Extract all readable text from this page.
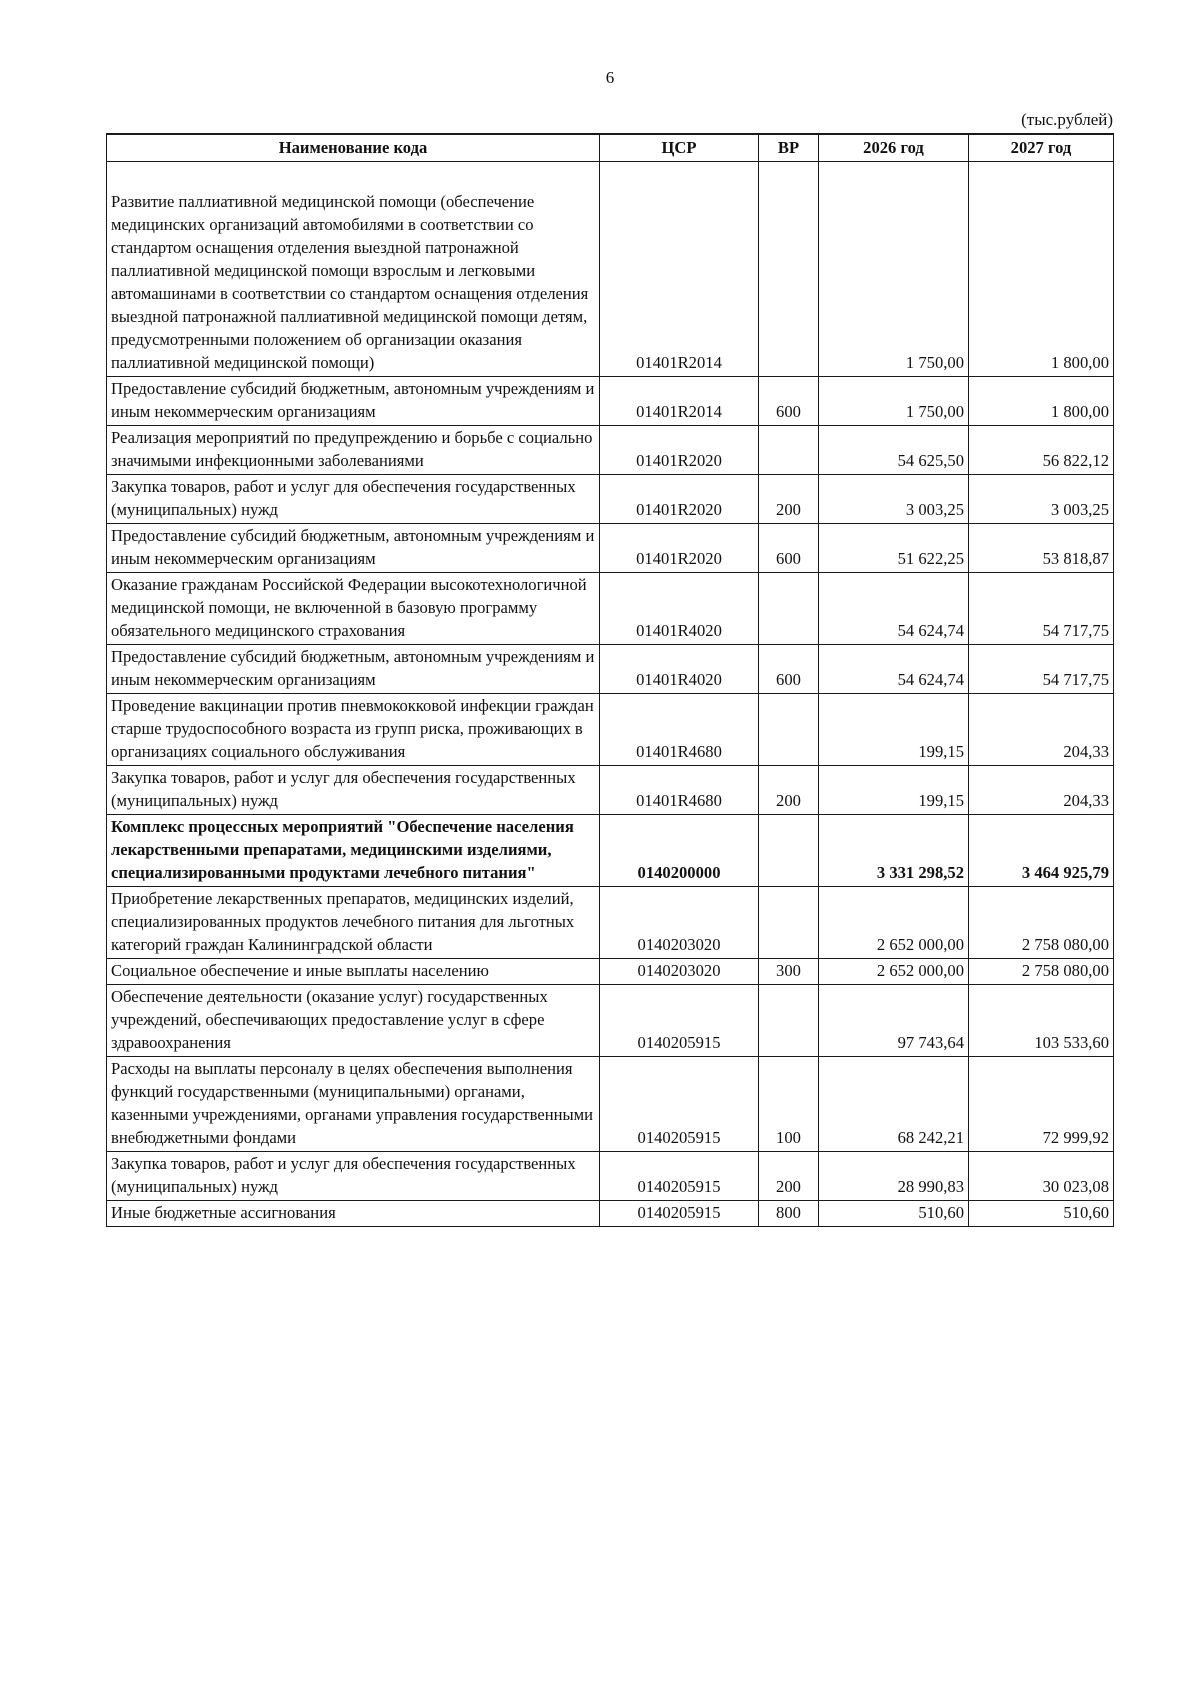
6
(тыс.рублей)
Наименование кода	ЦСР	ВР	2026 год	2027 год

Развитие паллиативной медицинской помощи (обеспечение медицинских организаций автомобилями в соответствии со стандартом оснащения отделения выездной патронажной паллиативной медицинской помощи взрослым и легковыми автомашинами в соответствии со стандартом оснащения отделения выездной патронажной паллиативной медицинской помощи детям, предусмотренными положением об организации оказания паллиативной медицинской помощи)	01401R2014		1 750,00	1 800,00
Предоставление субсидий бюджетным, автономным учреждениям и иным некоммерческим организациям	01401R2014	600	1 750,00	1 800,00
Реализация мероприятий по предупреждению и борьбе с социально значимыми инфекционными заболеваниями	01401R2020		54 625,50	56 822,12
Закупка товаров, работ и услуг для обеспечения государственных (муниципальных) нужд	01401R2020	200	3 003,25	3 003,25
Предоставление субсидий бюджетным, автономным учреждениям и иным некоммерческим организациям	01401R2020	600	51 622,25	53 818,87
Оказание гражданам Российской Федерации высокотехнологичной медицинской помощи, не включенной в базовую программу обязательного медицинского страхования	01401R4020		54 624,74	54 717,75
Предоставление субсидий бюджетным, автономным учреждениям и иным некоммерческим организациям	01401R4020	600	54 624,74	54 717,75
Проведение вакцинации против пневмококковой инфекции граждан старше трудоспособного возраста из групп риска, проживающих в организациях социального обслуживания	01401R4680		199,15	204,33
Закупка товаров, работ и услуг для обеспечения государственных (муниципальных) нужд	01401R4680	200	199,15	204,33
Комплекс процессных мероприятий "Обеспечение населения лекарственными препаратами, медицинскими изделиями, специализированными продуктами лечебного питания"	0140200000		3 331 298,52	3 464 925,79
Приобретение лекарственных препаратов, медицинских изделий, специализированных продуктов лечебного питания для льготных категорий граждан Калининградской области	0140203020		2 652 000,00	2 758 080,00
Социальное обеспечение и иные выплаты населению	0140203020	300	2 652 000,00	2 758 080,00
Обеспечение деятельности (оказание услуг) государственных учреждений, обеспечивающих предоставление услуг в сфере здравоохранения	0140205915		97 743,64	103 533,60
Расходы на выплаты персоналу в целях обеспечения выполнения функций государственными (муниципальными) органами, казенными учреждениями, органами управления государственными внебюджетными фондами	0140205915	100	68 242,21	72 999,92
Закупка товаров, работ и услуг для обеспечения государственных (муниципальных) нужд	0140205915	200	28 990,83	30 023,08
Иные бюджетные ассигнования	0140205915	800	510,60	510,60
